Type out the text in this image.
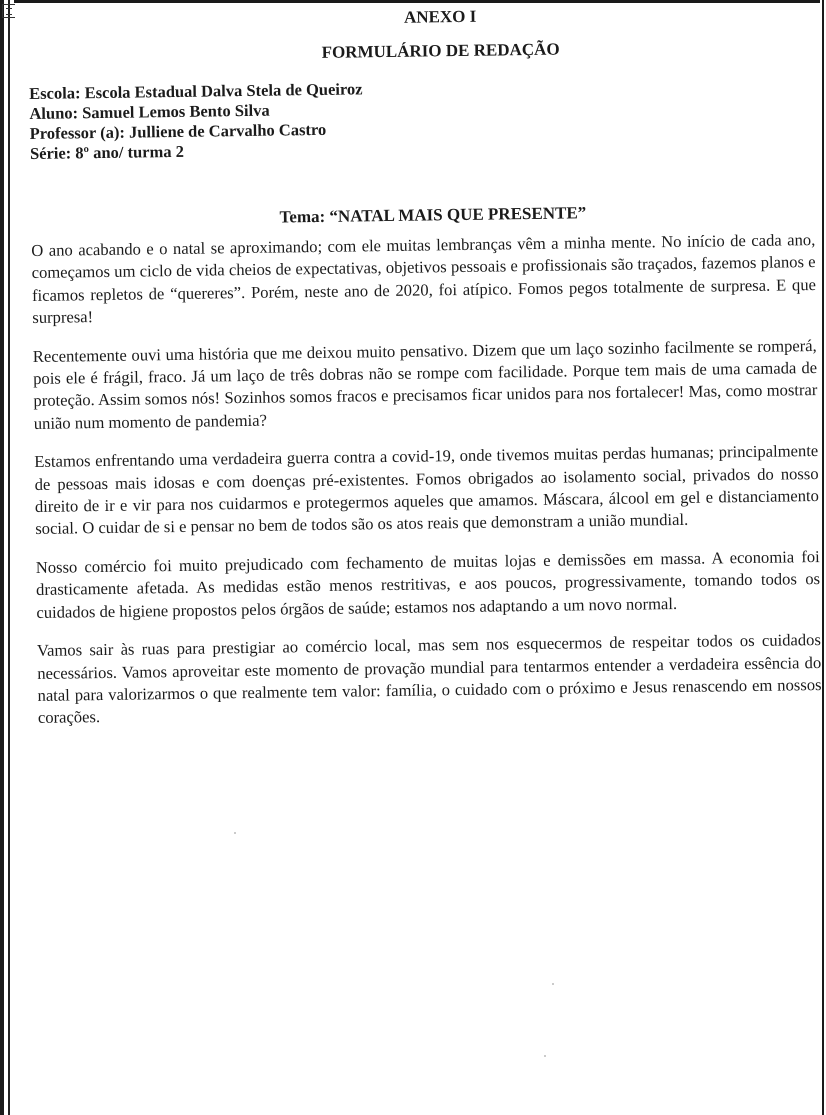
ANEXO I
FORMULÁRIO DE REDAÇÃO
Escola: Escola Estadual Dalva Stela de Queiroz
Aluno: Samuel Lemos Bento Silva
Professor (a): Julliene de Carvalho Castro
Série: 8º ano/ turma 2
Tema: “NATAL MAIS QUE PRESENTE”

O ano acabando e o natal se aproximando; com ele muitas lembranças vêm a minha mente. No início de cada ano, começamos um ciclo de vida cheios de expectativas, objetivos pessoais e profissionais são traçados, fazemos planos e ficamos repletos de “quereres”. Porém, neste ano de 2020, foi atípico. Fomos pegos totalmente de surpresa. E que surpresa!

Recentemente ouvi uma história que me deixou muito pensativo. Dizem que um laço sozinho facilmente se romperá, pois ele é frágil, fraco. Já um laço de três dobras não se rompe com facilidade. Porque tem mais de uma camada de proteção. Assim somos nós! Sozinhos somos fracos e precisamos ficar unidos para nos fortalecer! Mas, como mostrar união num momento de pandemia?

Estamos enfrentando uma verdadeira guerra contra a covid-19, onde tivemos muitas perdas humanas; principalmente de pessoas mais idosas e com doenças pré-existentes. Fomos obrigados ao isolamento social, privados do nosso direito de ir e vir para nos cuidarmos e protegermos aqueles que amamos. Máscara, álcool em gel e distanciamento social. O cuidar de si e pensar no bem de todos são os atos reais que demonstram a união mundial.

Nosso comércio foi muito prejudicado com fechamento de muitas lojas e demissões em massa. A economia foi drasticamente afetada. As medidas estão menos restritivas, e aos poucos, progressivamente, tomando todos os cuidados de higiene propostos pelos órgãos de saúde; estamos nos adaptando a um novo normal.

Vamos sair às ruas para prestigiar ao comércio local, mas sem nos esquecermos de respeitar todos os cuidados necessários. Vamos aproveitar este momento de provação mundial para tentarmos entender a verdadeira essência do natal para valorizarmos o que realmente tem valor: família, o cuidado com o próximo e Jesus renascendo em nossos corações.
